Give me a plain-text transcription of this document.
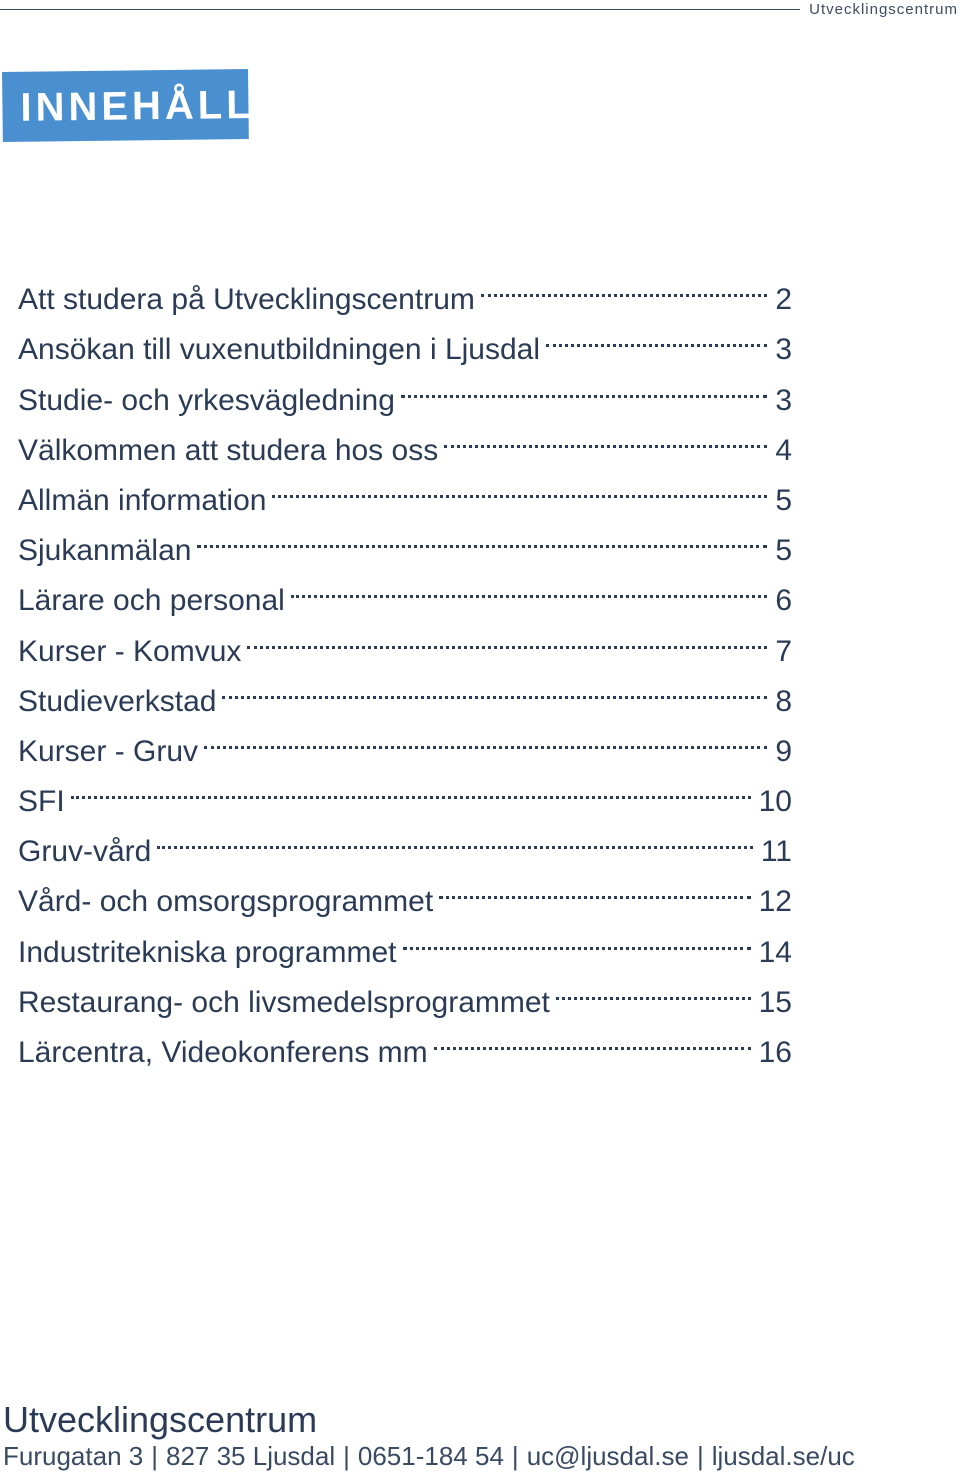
Utvecklingscentrum
INNEHÅLL
Att studera på Utvecklingscentrum	2
Ansökan till vuxenutbildningen i Ljusdal	3
Studie- och yrkesvägledning	3
Välkommen att studera hos oss	4
Allmän information	5
Sjukanmälan	5
Lärare och personal	6
Kurser - Komvux	7
Studieverkstad	8
Kurser - Gruv	9
SFI	10
Gruv-vård	11
Vård- och omsorgsprogrammet	12
Industritekniska programmet	14
Restaurang- och livsmedelsprogrammet	15
Lärcentra, Videokonferens mm	16
Utvecklingscentrum
Furugatan 3 | 827 35 Ljusdal | 0651-184 54 | uc@ljusdal.se | ljusdal.se/uc
